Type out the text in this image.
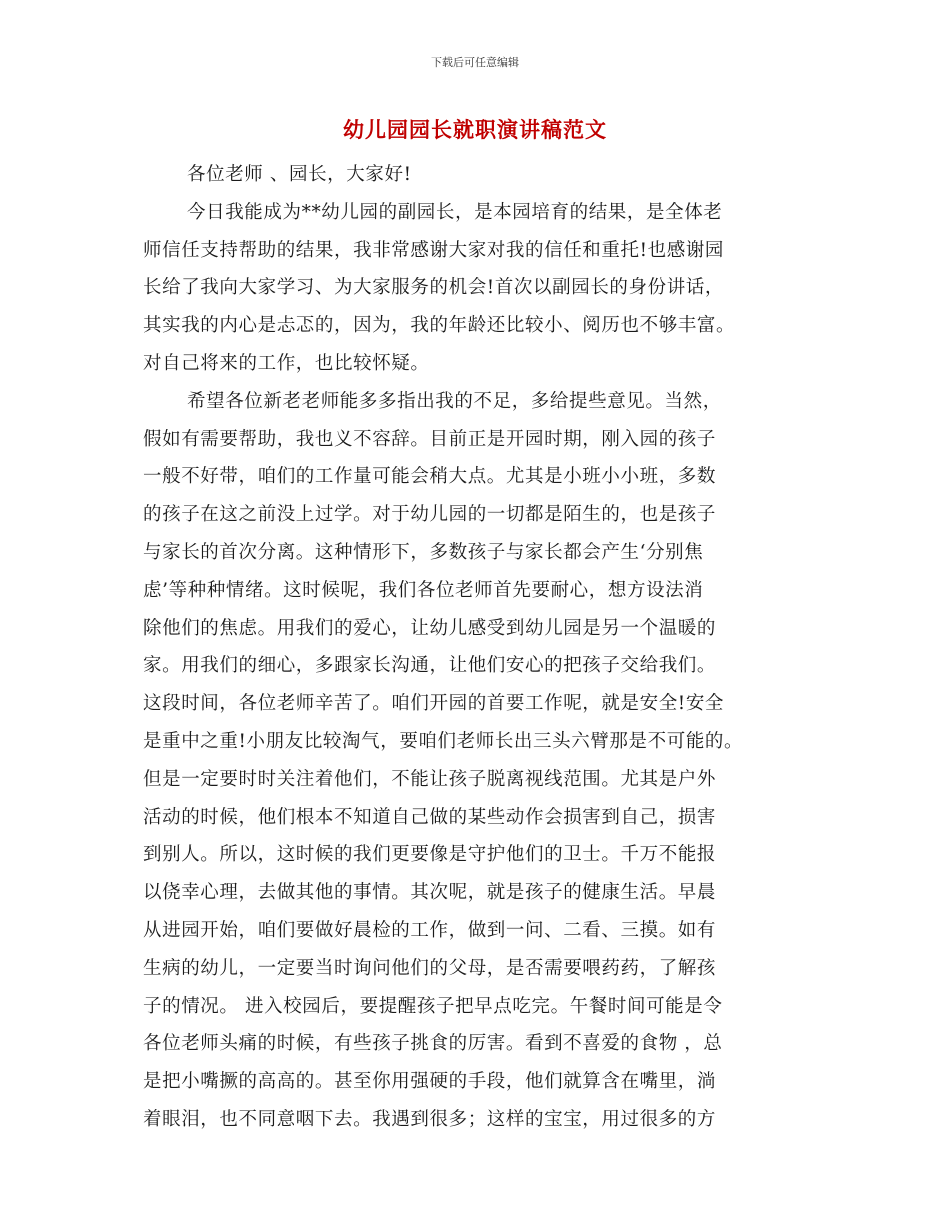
下载后可任意编辑
幼儿园园长就职演讲稿范文
各位老师 、园长，大家好!
今日我能成为**幼儿园的副园长，是本园培育的结果，是全体老
师信任支持帮助的结果，我非常感谢大家对我的信任和重托!也感谢园
长给了我向大家学习、为大家服务的机会!首次以副园长的身份讲话，
其实我的内心是忐忑的，因为，我的年龄还比较小、阅历也不够丰富。
对自己将来的工作，也比较怀疑。
希望各位新老老师能多多指出我的不足，多给提些意见。当然，
假如有需要帮助，我也义不容辞。目前正是开园时期，刚入园的孩子
一般不好带，咱们的工作量可能会稍大点。尤其是小班小小班，多数
的孩子在这之前没上过学。对于幼儿园的一切都是陌生的，也是孩子
与家长的首次分离。这种情形下，多数孩子与家长都会产生‘分别焦
虑’等种种情绪。这时候呢，我们各位老师首先要耐心，想方设法消
除他们的焦虑。用我们的爱心，让幼儿感受到幼儿园是另一个温暖的
家。用我们的细心，多跟家长沟通，让他们安心的把孩子交给我们。
这段时间，各位老师辛苦了。咱们开园的首要工作呢，就是安全!安全
是重中之重!小朋友比较淘气，要咱们老师长出三头六臂那是不可能的。
但是一定要时时关注着他们，不能让孩子脱离视线范围。尤其是户外
活动的时候，他们根本不知道自己做的某些动作会损害到自己，损害
到别人。所以，这时候的我们更要像是守护他们的卫士。千万不能报
以侥幸心理，去做其他的事情。其次呢，就是孩子的健康生活。早晨
从进园开始，咱们要做好晨检的工作，做到一问、二看、三摸。如有
生病的幼儿，一定要当时询问他们的父母，是否需要喂药药，了解孩
子的情况。 进入校园后，要提醒孩子把早点吃完。午餐时间可能是令
各位老师头痛的时候，有些孩子挑食的厉害。看到不喜爱的食物 ，总
是把小嘴撅的高高的。甚至你用强硬的手段，他们就算含在嘴里，淌
着眼泪，也不同意咽下去。我遇到很多；这样的宝宝，用过很多的方
